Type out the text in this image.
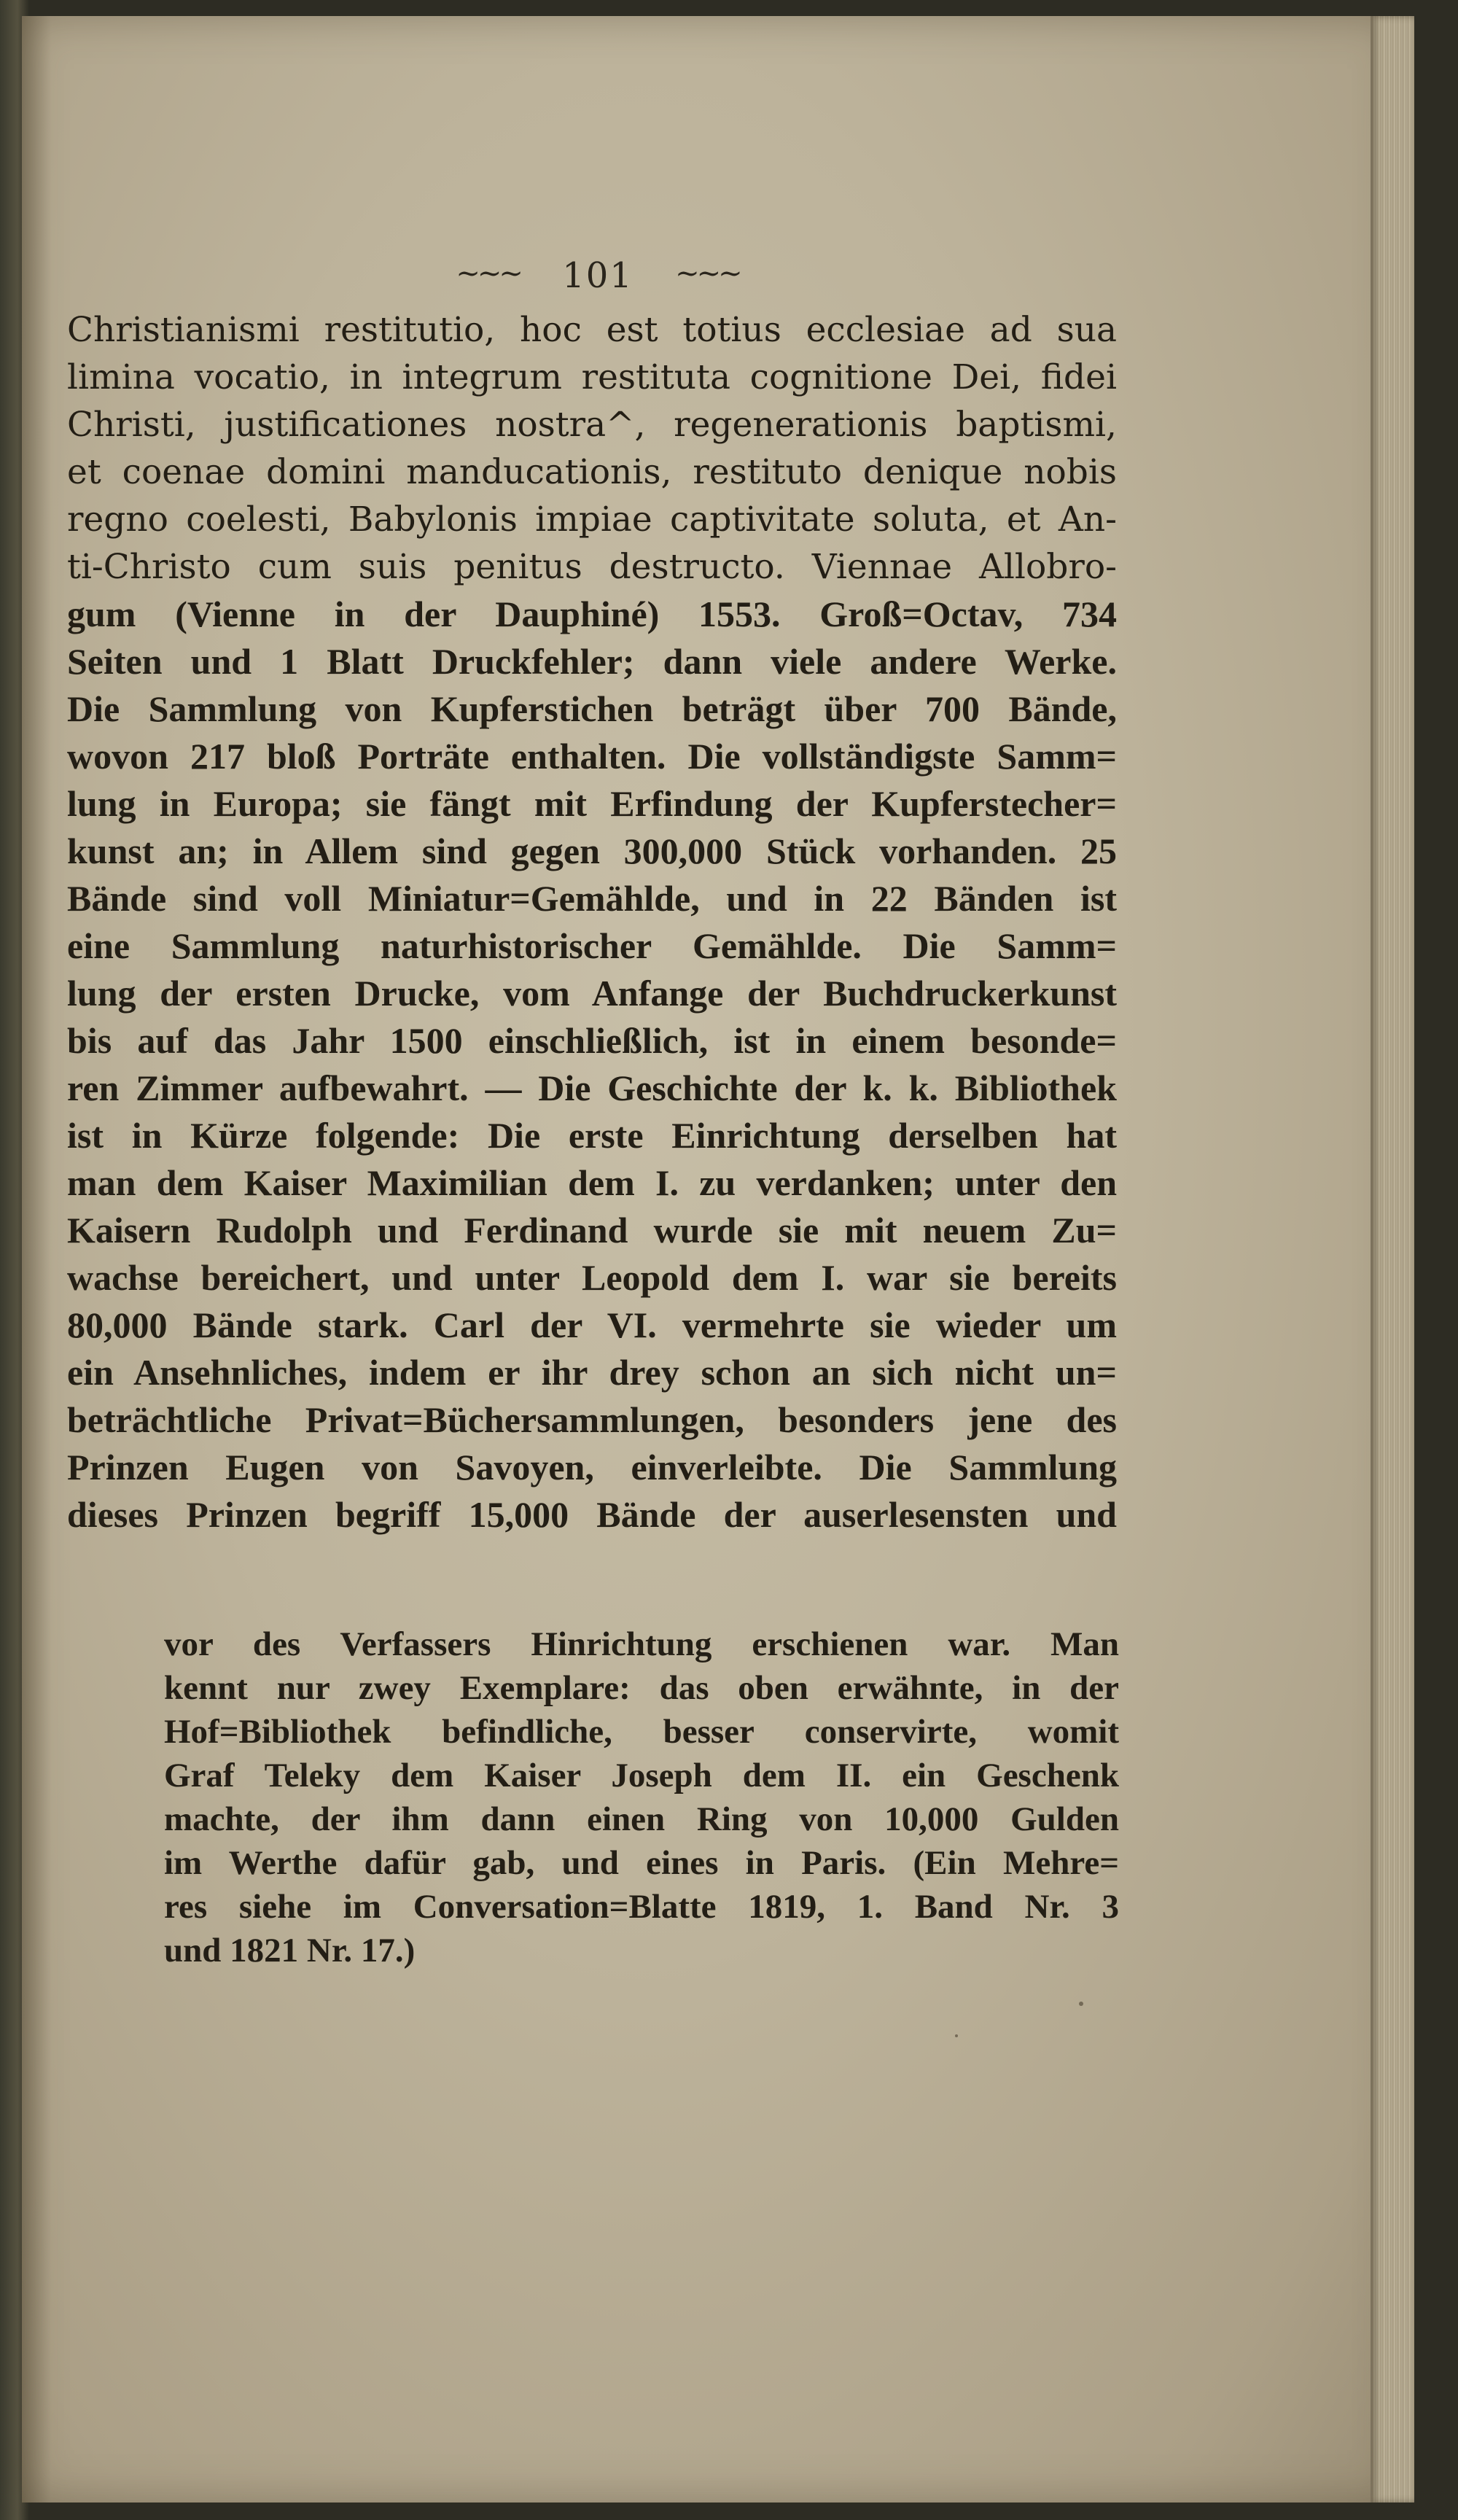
~~~ 101 ~~~
Christianismi restitutio, hoc est totius ecclesiae ad sua
limina vocatio, in integrum restituta cognitione Dei, fidei
Christi, justificationes nostra^, regenerationis baptismi,
et coenae domini manducationis, restituto denique nobis
regno coelesti, Babylonis impiae captivitate soluta, et An-
ti-Christo cum suis penitus destructo. Viennae Allobro-
gum (Vienne in der Dauphiné) 1553. Groß=Octav, 734
Seiten und 1 Blatt Druckfehler; dann viele andere Werke.
Die Sammlung von Kupferstichen beträgt über 700 Bände,
wovon 217 bloß Porträte enthalten. Die vollständigste Samm=
lung in Europa; sie fängt mit Erfindung der Kupferstecher=
kunst an; in Allem sind gegen 300,000 Stück vorhanden. 25
Bände sind voll Miniatur=Gemählde, und in 22 Bänden ist
eine Sammlung naturhistorischer Gemählde. Die Samm=
lung der ersten Drucke, vom Anfange der Buchdruckerkunst
bis auf das Jahr 1500 einschließlich, ist in einem besonde=
ren Zimmer aufbewahrt. — Die Geschichte der k. k. Bibliothek
ist in Kürze folgende: Die erste Einrichtung derselben hat
man dem Kaiser Maximilian dem I. zu verdanken; unter den
Kaisern Rudolph und Ferdinand wurde sie mit neuem Zu=
wachse bereichert, und unter Leopold dem I. war sie bereits
80,000 Bände stark. Carl der VI. vermehrte sie wieder um
ein Ansehnliches, indem er ihr drey schon an sich nicht un=
beträchtliche Privat=Büchersammlungen, besonders jene des
Prinzen Eugen von Savoyen, einverleibte. Die Sammlung
dieses Prinzen begriff 15,000 Bände der auserlesensten und
vor des Verfassers Hinrichtung erschienen war. Man
kennt nur zwey Exemplare: das oben erwähnte, in der
Hof=Bibliothek befindliche, besser conservirte, womit
Graf Teleky dem Kaiser Joseph dem II. ein Geschenk
machte, der ihm dann einen Ring von 10,000 Gulden
im Werthe dafür gab, und eines in Paris. (Ein Mehre=
res siehe im Conversation=Blatte 1819, 1. Band Nr. 3
und 1821 Nr. 17.)
